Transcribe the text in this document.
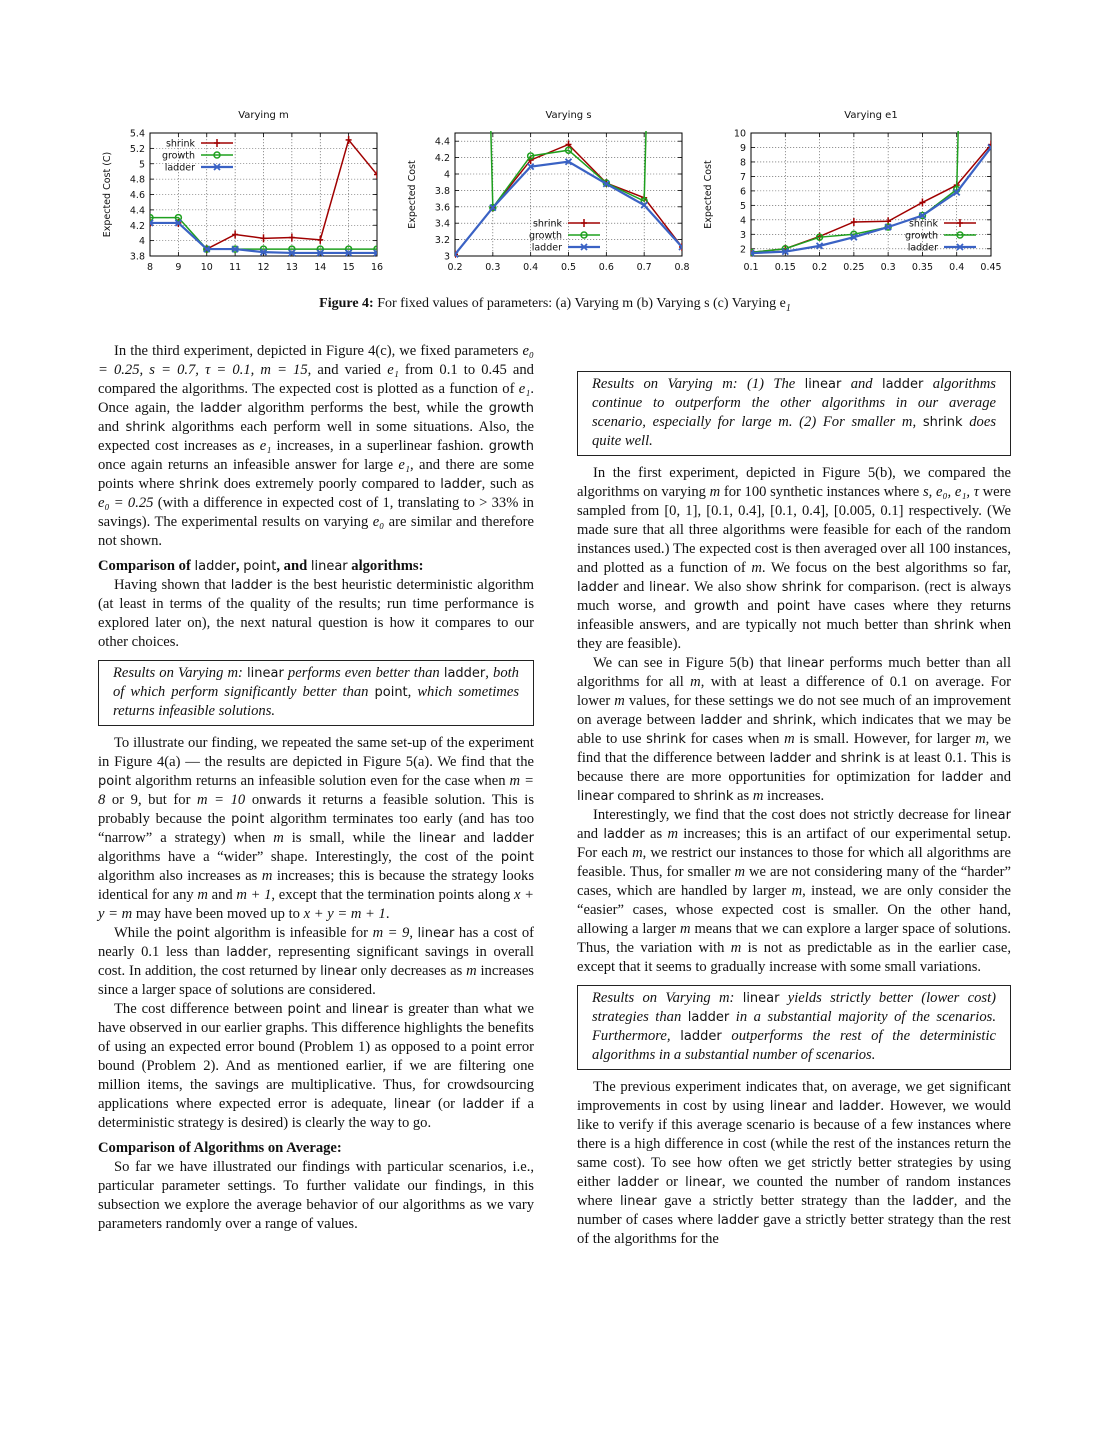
Varying m
Expected Cost (C)
3.8
4
4.2
4.4
4.6
4.8
5
5.2
5.4
8 9 10 11 12 13 14 15 16
shrink
growth
ladder
Varying s
Expected Cost
3
3.2
3.4
3.6
3.8
4
4.2
4.4
0.2 0.3 0.4 0.5 0.6 0.7 0.8
shrink
growth
ladder
Varying e1
Expected Cost
2
3
4
5
6
7
8
9
10
0.1 0.15 0.2 0.25 0.3 0.35 0.4 0.45
shrink
growth
ladder
Figure 4: For fixed values of parameters: (a) Varying m (b) Varying s (c) Varying $e_1$

In the third experiment, depicted in Figure 4(c), we fixed parameters e₀ = 0.25, s = 0.7, τ = 0.1, m = 15, and varied e₁ from 0.1 to 0.45 and compared the algorithms. The expected cost is plotted as a function of e₁. Once again, the ladder algorithm performs the best, while the growth and shrink algorithms each perform well in some situations. Also, the expected cost increases as e₁ increases, in a superlinear fashion. growth once again returns an infeasible answer for large e₁, and there are some points where shrink does extremely poorly compared to ladder, such as e₀ = 0.25 (with a difference in expected cost of 1, translating to > 33% in savings). The experimental results on varying e₀ are similar and therefore not shown.

Comparison of ladder, point, and linear algorithms:

Having shown that ladder is the best heuristic deterministic algorithm (at least in terms of the quality of the results; run time performance is explored later on), the next natural question is how it compares to our other choices.

Results on Varying m: linear performs even better than ladder, both of which perform significantly better than point, which sometimes returns infeasible solutions.

To illustrate our finding, we repeated the same set-up of the experiment in Figure 4(a) — the results are depicted in Figure 5(a). We find that the point algorithm returns an infeasible solution even for the case when m = 8 or 9, but for m = 10 onwards it returns a feasible solution. This is probably because the point algorithm terminates too early (and has too “narrow” a strategy) when m is small, while the linear and ladder algorithms have a “wider” shape. Interestingly, the cost of the point algorithm also increases as m increases; this is because the strategy looks identical for any m and m + 1, except that the termination points along x + y = m may have been moved up to x + y = m + 1.

While the point algorithm is infeasible for m = 9, linear has a cost of nearly 0.1 less than ladder, representing significant savings in overall cost. In addition, the cost returned by linear only decreases as m increases since a larger space of solutions are considered.

The cost difference between point and linear is greater than what we have observed in our earlier graphs. This difference highlights the benefits of using an expected error bound (Problem 1) as opposed to a point error bound (Problem 2). And as mentioned earlier, if we are filtering one million items, the savings are multiplicative. Thus, for crowdsourcing applications where expected error is adequate, linear (or ladder if a deterministic strategy is desired) is clearly the way to go.

Comparison of Algorithms on Average:

So far we have illustrated our findings with particular scenarios, i.e., particular parameter settings. To further validate our findings, in this subsection we explore the average behavior of our algorithms as we vary parameters randomly over a range of values.

Results on Varying m: (1) The linear and ladder algorithms continue to outperform the other algorithms in our average scenario, especially for large m. (2) For smaller m, shrink does quite well.

In the first experiment, depicted in Figure 5(b), we compared the algorithms on varying m for 100 synthetic instances where s, e₀, e₁, τ were sampled from [0, 1], [0.1, 0.4], [0.1, 0.4], [0.005, 0.1] respectively. (We made sure that all three algorithms were feasible for each of the random instances used.) The expected cost is then averaged over all 100 instances, and plotted as a function of m. We focus on the best algorithms so far, ladder and linear. We also show shrink for comparison. (rect is always much worse, and growth and point have cases where they returns infeasible answers, and are typically not much better than shrink when they are feasible).

We can see in Figure 5(b) that linear performs much better than all algorithms for all m, with at least a difference of 0.1 on average. For lower m values, for these settings we do not see much of an improvement on average between ladder and shrink, which indicates that we may be able to use shrink for cases when m is small. However, for larger m, we find that the difference between ladder and shrink is at least 0.1. This is because there are more opportunities for optimization for ladder and linear compared to shrink as m increases.

Interestingly, we find that the cost does not strictly decrease for linear and ladder as m increases; this is an artifact of our experimental setup. For each m, we restrict our instances to those for which all algorithms are feasible. Thus, for smaller m we are not considering many of the “harder” cases, which are handled by larger m, instead, we are only consider the “easier” cases, whose expected cost is smaller. On the other hand, allowing a larger m means that we can explore a larger space of solutions. Thus, the variation with m is not as predictable as in the earlier case, except that it seems to gradually increase with some small variations.

Results on Varying m: linear yields strictly better (lower cost) strategies than ladder in a substantial majority of the scenarios. Furthermore, ladder outperforms the rest of the deterministic algorithms in a substantial number of scenarios.

The previous experiment indicates that, on average, we get significant improvements in cost by using linear and ladder. However, we would like to verify if this average scenario is because of a few instances where there is a high difference in cost (while the rest of the instances return the same cost). To see how often we get strictly better strategies by using either ladder or linear, we counted the number of random instances where linear gave a strictly better strategy than the ladder, and the number of cases where ladder gave a strictly better strategy than the rest of the algorithms for the
